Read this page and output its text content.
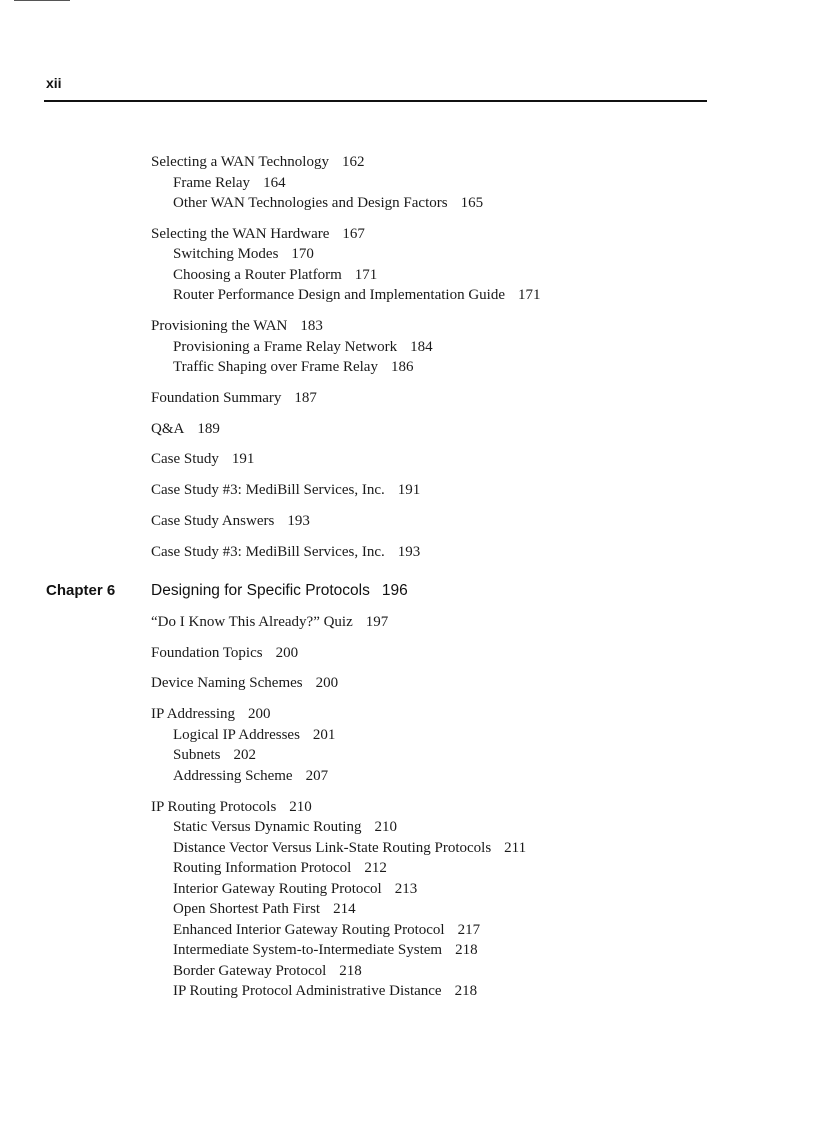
xii
Selecting a WAN Technology 162
Frame Relay 164
Other WAN Technologies and Design Factors 165
Selecting the WAN Hardware 167
Switching Modes 170
Choosing a Router Platform 171
Router Performance Design and Implementation Guide 171
Provisioning the WAN 183
Provisioning a Frame Relay Network 184
Traffic Shaping over Frame Relay 186
Foundation Summary 187
Q&A 189
Case Study 191
Case Study #3: MediBill Services, Inc. 191
Case Study Answers 193
Case Study #3: MediBill Services, Inc. 193
Chapter 6 Designing for Specific Protocols 196
“Do I Know This Already?” Quiz 197
Foundation Topics 200
Device Naming Schemes 200
IP Addressing 200
Logical IP Addresses 201
Subnets 202
Addressing Scheme 207
IP Routing Protocols 210
Static Versus Dynamic Routing 210
Distance Vector Versus Link-State Routing Protocols 211
Routing Information Protocol 212
Interior Gateway Routing Protocol 213
Open Shortest Path First 214
Enhanced Interior Gateway Routing Protocol 217
Intermediate System-to-Intermediate System 218
Border Gateway Protocol 218
IP Routing Protocol Administrative Distance 218
